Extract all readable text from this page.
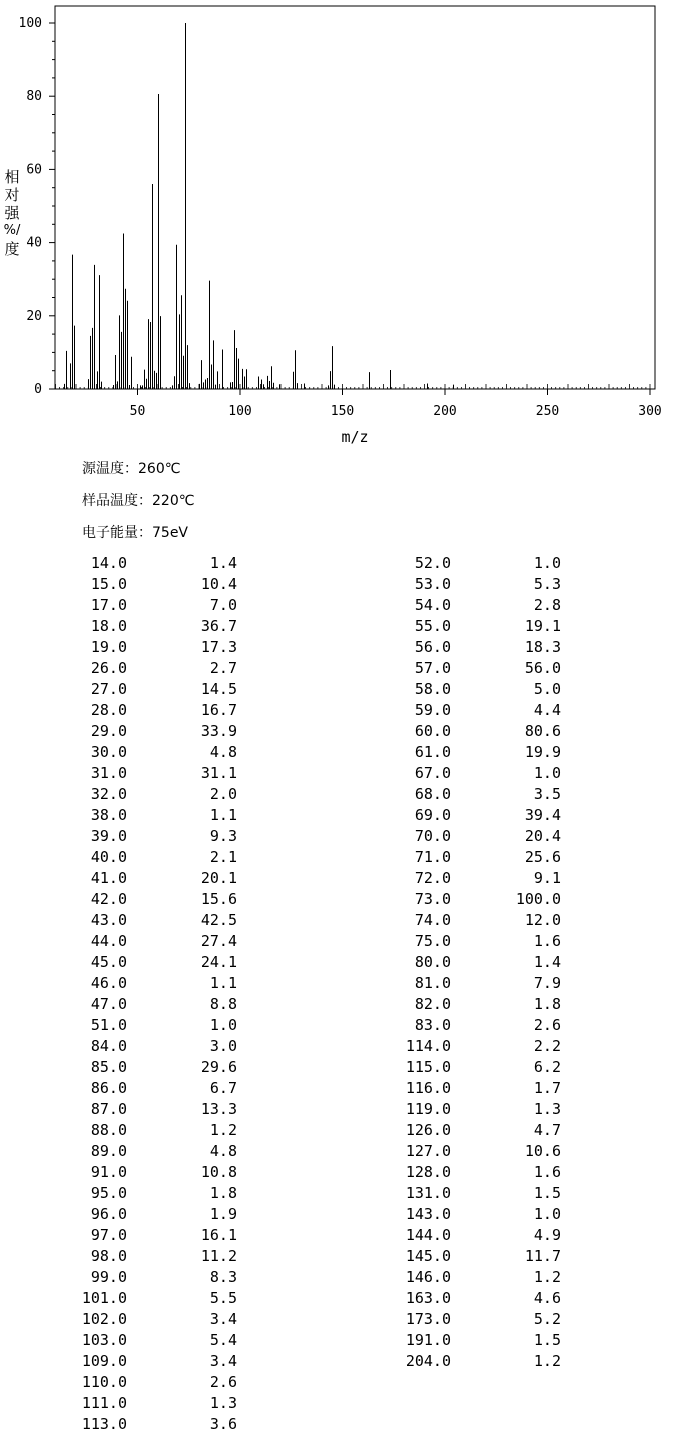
50	100	150	200	250	300
0
20
40
60
80
100
m/z
相
对
强
%/
度
源温度：260℃
样品温度：220℃
电子能量：75eV
14.0	1.4
15.0	10.4
17.0	7.0
18.0	36.7
19.0	17.3
26.0	2.7
27.0	14.5
28.0	16.7
29.0	33.9
30.0	4.8
31.0	31.1
32.0	2.0
38.0	1.1
39.0	9.3
40.0	2.1
41.0	20.1
42.0	15.6
43.0	42.5
44.0	27.4
45.0	24.1
46.0	1.1
47.0	8.8
51.0	1.0
84.0	3.0
85.0	29.6
86.0	6.7
87.0	13.3
88.0	1.2
89.0	4.8
91.0	10.8
95.0	1.8
96.0	1.9
97.0	16.1
98.0	11.2
99.0	8.3
101.0	5.5
102.0	3.4
103.0	5.4
109.0	3.4
110.0	2.6
111.0	1.3
113.0	3.6
52.0	1.0
53.0	5.3
54.0	2.8
55.0	19.1
56.0	18.3
57.0	56.0
58.0	5.0
59.0	4.4
60.0	80.6
61.0	19.9
67.0	1.0
68.0	3.5
69.0	39.4
70.0	20.4
71.0	25.6
72.0	9.1
73.0	100.0
74.0	12.0
75.0	1.6
80.0	1.4
81.0	7.9
82.0	1.8
83.0	2.6
114.0	2.2
115.0	6.2
116.0	1.7
119.0	1.3
126.0	4.7
127.0	10.6
128.0	1.6
131.0	1.5
143.0	1.0
144.0	4.9
145.0	11.7
146.0	1.2
163.0	4.6
173.0	5.2
191.0	1.5
204.0	1.2
